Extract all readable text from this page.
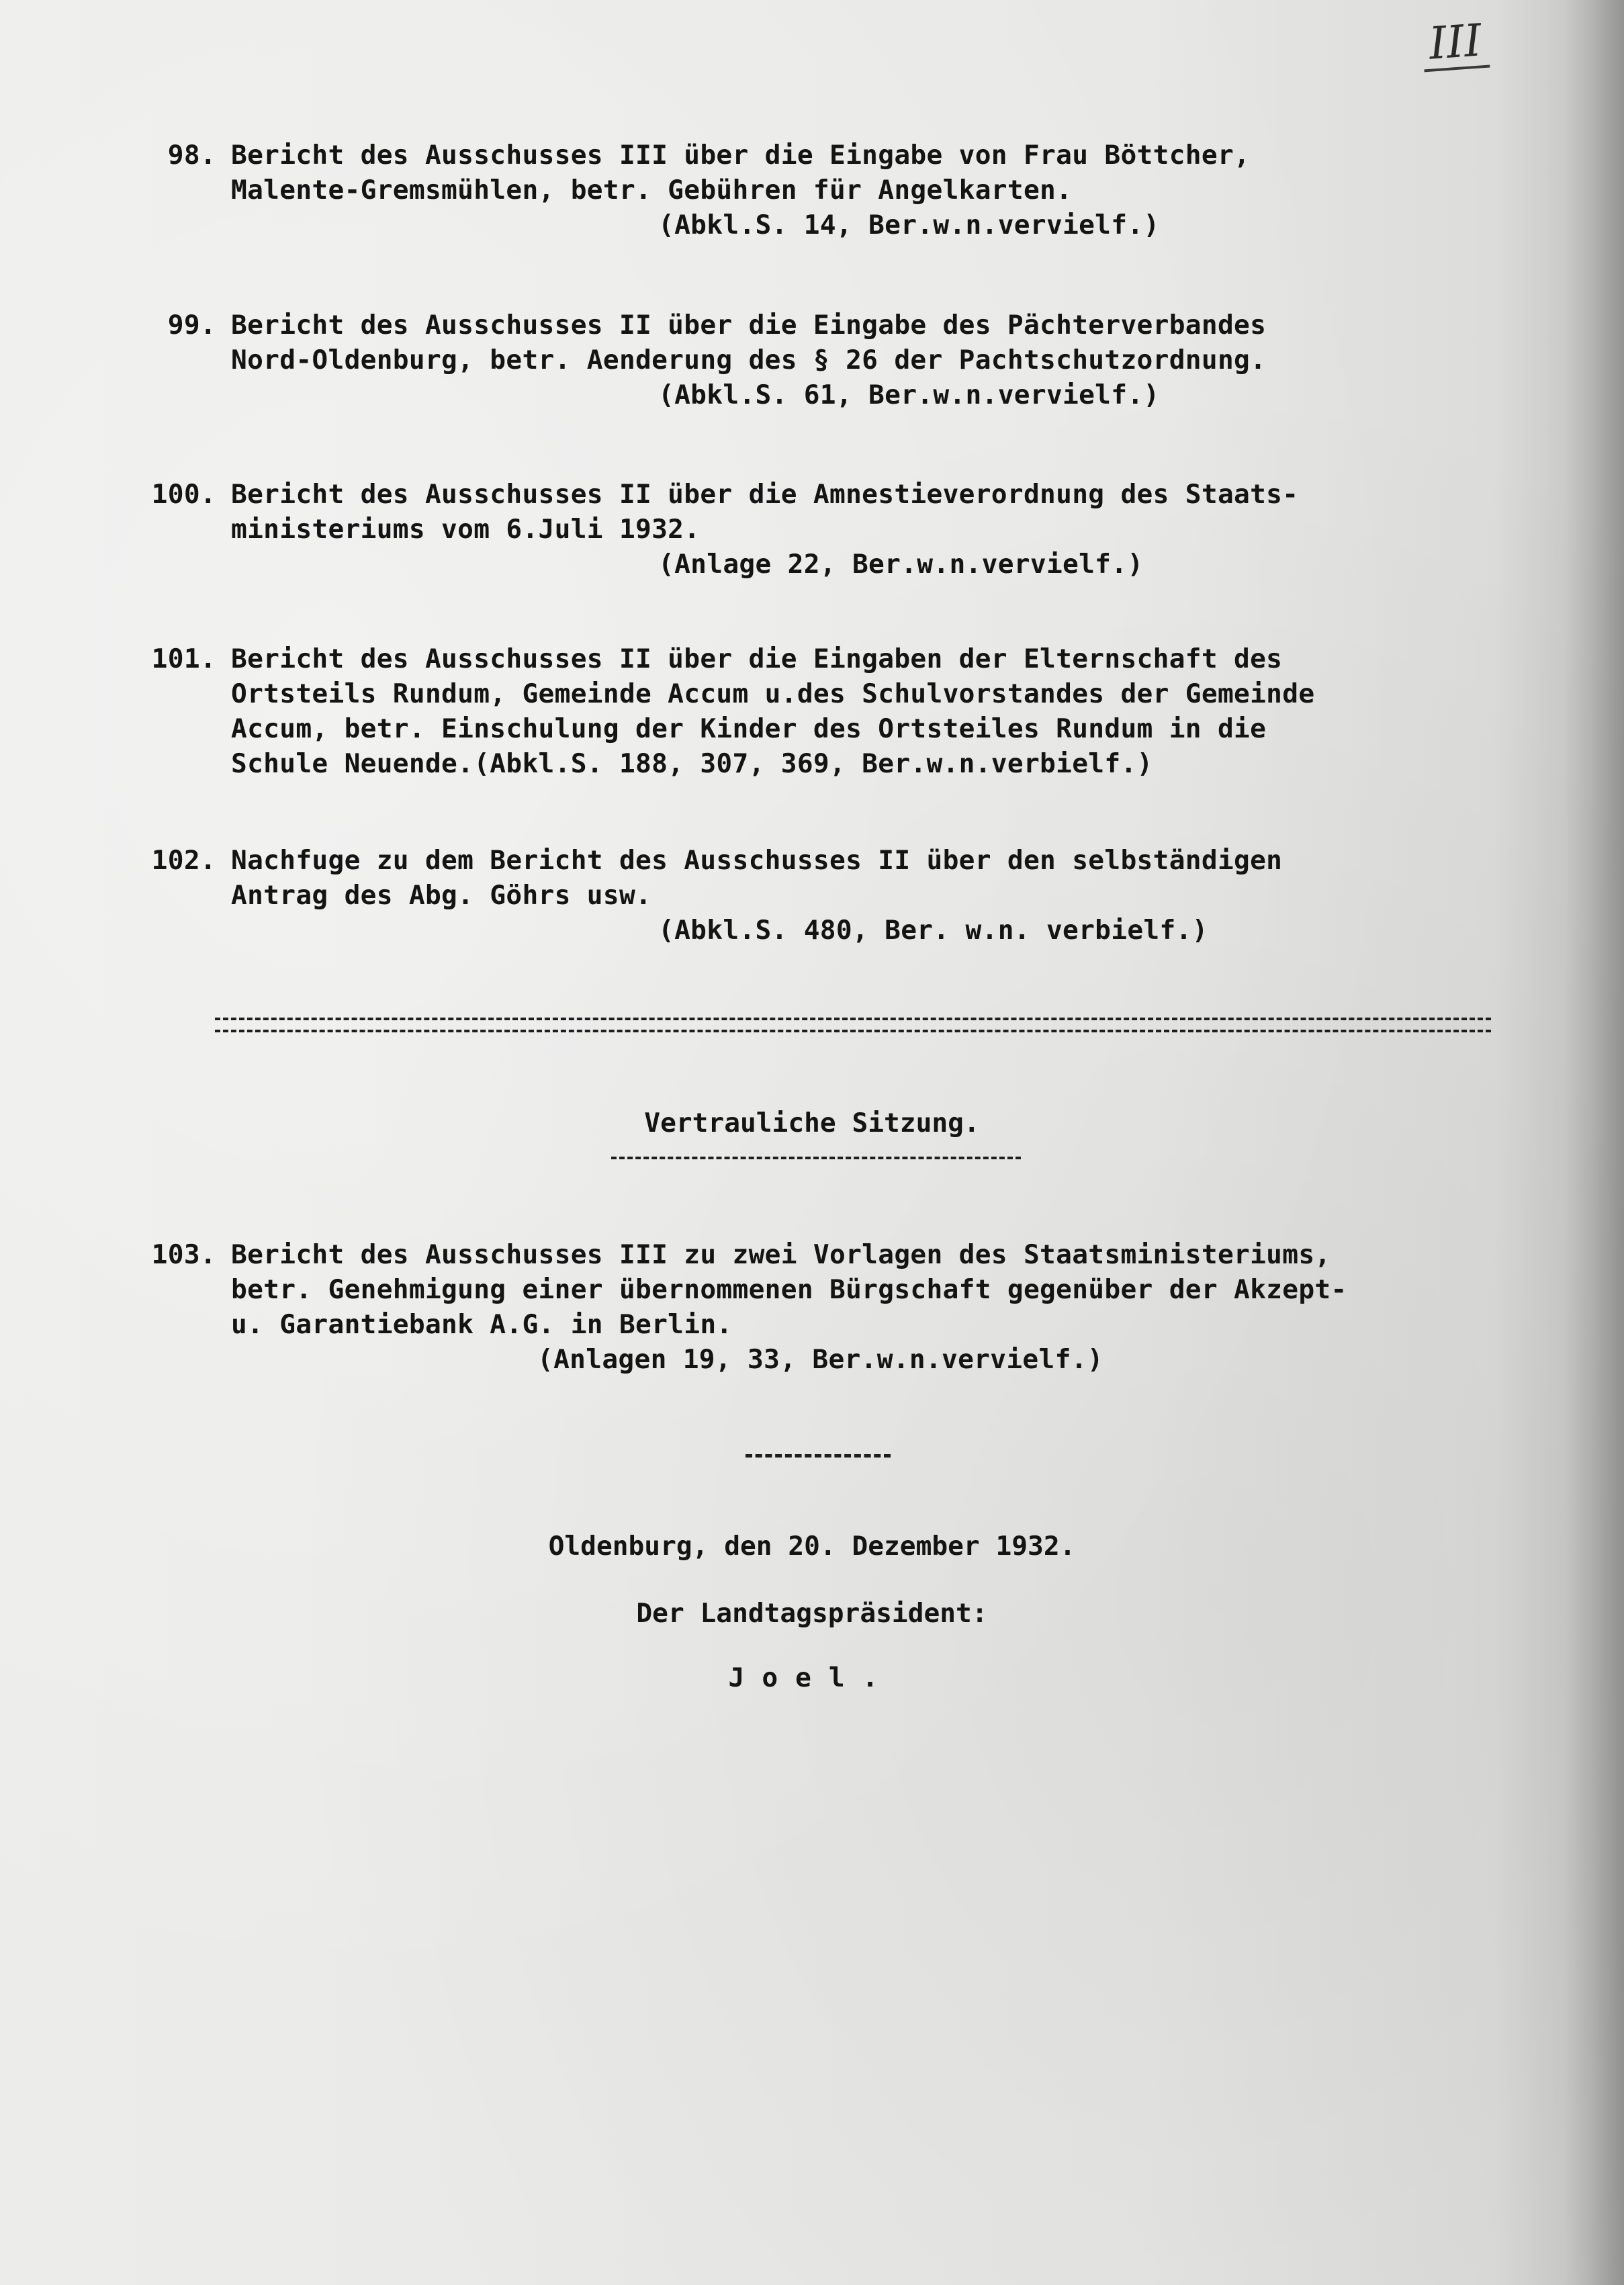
III
98. Bericht des Ausschusses III über die Eingabe von Frau Böttcher,
Malente-Gremsmühlen, betr. Gebühren für Angelkarten.
(Abkl.S. 14, Ber.w.n.vervielf.)
99. Bericht des Ausschusses II über die Eingabe des Pächterverbandes
Nord-Oldenburg, betr. Aenderung des § 26 der Pachtschutzordnung.
(Abkl.S. 61, Ber.w.n.vervielf.)
100. Bericht des Ausschusses II über die Amnestieverordnung des Staats-
ministeriums vom 6.Juli 1932.
(Anlage 22, Ber.w.n.vervielf.)
101. Bericht des Ausschusses II über die Eingaben der Elternschaft des
Ortsteils Rundum, Gemeinde Accum u.des Schulvorstandes der Gemeinde
Accum, betr. Einschulung der Kinder des Ortsteiles Rundum in die
Schule Neuende.(Abkl.S. 188, 307, 369, Ber.w.n.verbielf.)
102. Nachfuge zu dem Bericht des Ausschusses II über den selbständigen
Antrag des Abg. Göhrs usw.
(Abkl.S. 480, Ber. w.n. verbielf.)
Vertrauliche Sitzung.
103. Bericht des Ausschusses III zu zwei Vorlagen des Staatsministeriums,
betr. Genehmigung einer übernommenen Bürgschaft gegenüber der Akzept-
u. Garantiebank A.G. in Berlin.
(Anlagen 19, 33, Ber.w.n.vervielf.)
Oldenburg, den 20. Dezember 1932.
Der Landtagspräsident:
Joel.
